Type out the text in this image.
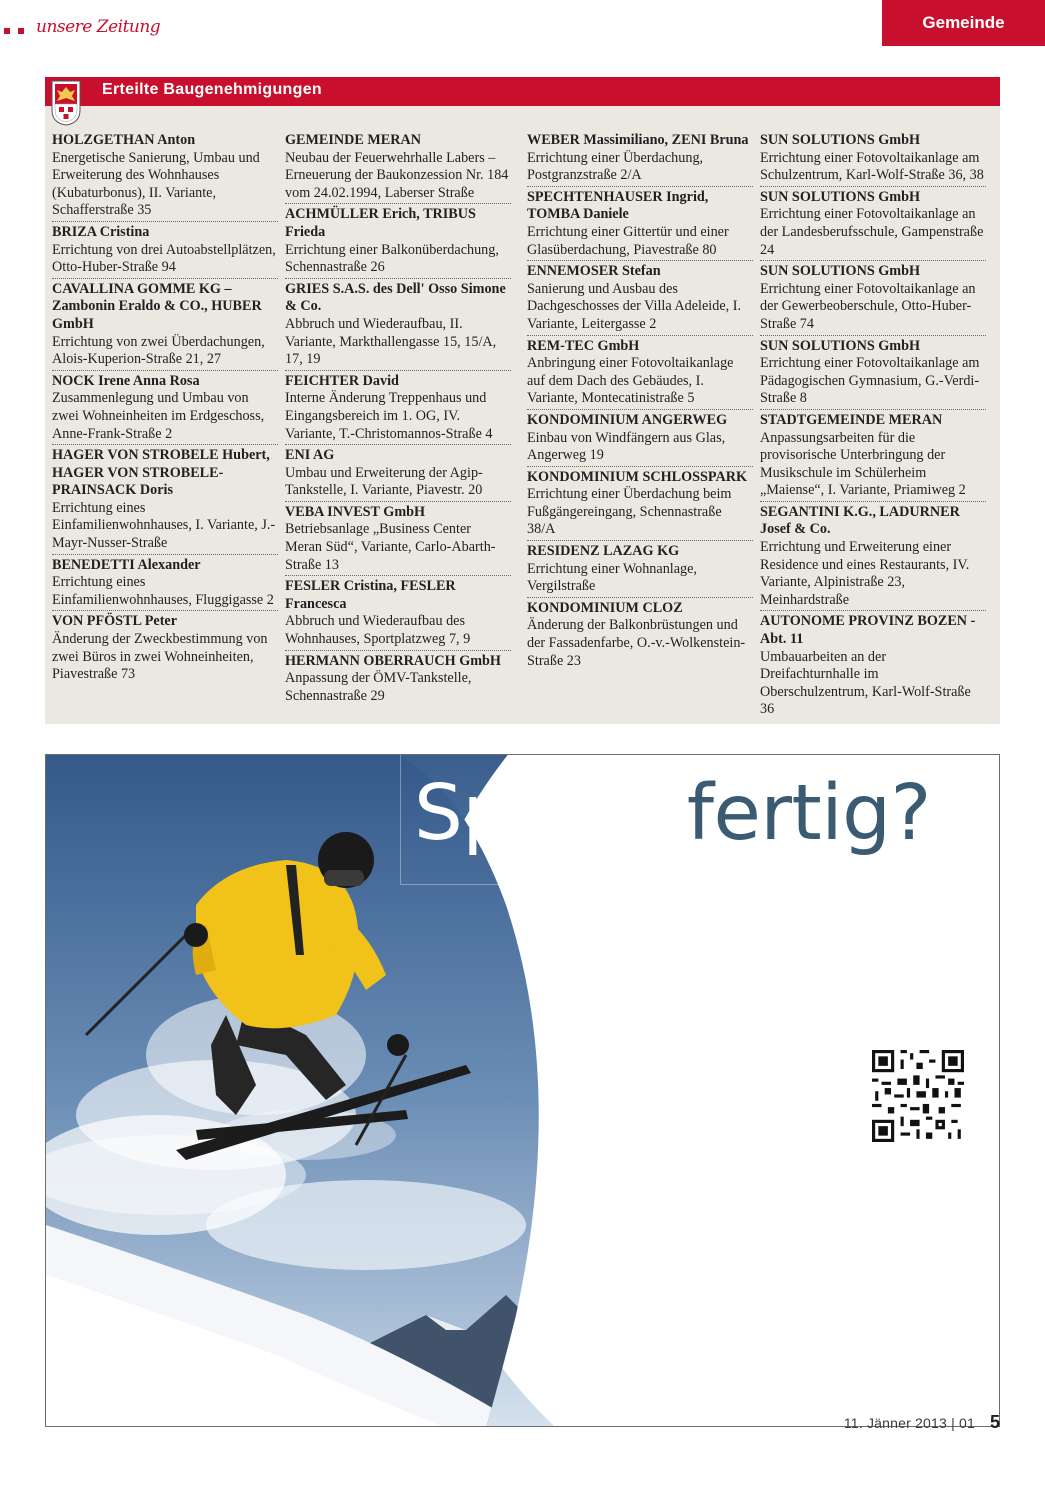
unsere Zeitung	Gemeinde
Erteilte Baugenehmigungen
HOLZGETHAN Anton
Energetische Sanierung, Umbau und Erweiterung des Wohnhauses (Kubaturbonus), II. Variante, Schafferstraße 35
BRIZA Cristina
Errichtung von drei Autoabstellplätzen, Otto-Huber-Straße 94
CAVALLINA GOMME KG – Zambonin Eraldo & CO., HUBER GmbH
Errichtung von zwei Überdachungen, Alois-Kuperion-Straße 21, 27
NOCK Irene Anna Rosa
Zusammenlegung und Umbau von zwei Wohneinheiten im Erdgeschoss, Anne-Frank-Straße 2
HAGER VON STROBELE Hubert, HAGER VON STROBELE-PRAINSACK Doris
Errichtung eines Einfamilienwohnhauses, I. Variante, J.-Mayr-Nusser-Straße
BENEDETTI Alexander
Errichtung eines Einfamilienwohnhauses, Fluggigasse 2
VON PFÖSTL Peter
Änderung der Zweckbestimmung von zwei Büros in zwei Wohneinheiten, Piavestraße 73
GEMEINDE MERAN
Neubau der Feuerwehrhalle Labers – Erneuerung der Baukonzession Nr. 184 vom 24.02.1994, Laberser Straße
ACHMÜLLER Erich, TRIBUS Frieda
Errichtung einer Balkonüberdachung, Schennastraße 26
GRIES S.A.S. des Dell' Osso Simone & Co.
Abbruch und Wiederaufbau, II. Variante, Markthallengasse 15, 15/A, 17, 19
FEICHTER David
Interne Änderung Treppenhaus und Eingangsbereich im 1. OG, IV. Variante, T.-Christomannos-Straße 4
ENI AG
Umbau und Erweiterung der Agip-Tankstelle, I. Variante, Piavestr. 20
VEBA INVEST GmbH
Betriebsanlage „Business Center Meran Süd“, Variante, Carlo-Abarth-Straße 13
FESLER Cristina, FESLER Francesca
Abbruch und Wiederaufbau des Wohnhauses, Sportplatzweg 7, 9
HERMANN OBERRAUCH GmbH
Anpassung der ÖMV-Tankstelle, Schennastraße 29
WEBER Massimiliano, ZENI Bruna
Errichtung einer Überdachung, Postgranzstraße 2/A
SPECHTENHAUSER Ingrid, TOMBA Daniele
Errichtung einer Gittertür und einer Glasüberdachung, Piavestraße 80
ENNEMOSER Stefan
Sanierung und Ausbau des Dachgeschosses der Villa Adeleide, I. Variante, Leitergasse 2
REM-TEC GmbH
Anbringung einer Fotovoltaikanlage auf dem Dach des Gebäudes, I. Variante, Montecatinistraße 5
KONDOMINIUM ANGERWEG
Einbau von Windfängern aus Glas, Angerweg 19
KONDOMINIUM SCHLOSSPARK
Errichtung einer Überdachung beim Fußgängereingang, Schennastraße 38/A
RESIDENZ LAZAG KG
Errichtung einer Wohnanlage, Vergilstraße
KONDOMINIUM CLOZ
Änderung der Balkonbrüstungen und der Fassadenfarbe, O.-v.-Wolkenstein-Straße 23
SUN SOLUTIONS GmbH
Errichtung einer Fotovoltaikanlage am Schulzentrum, Karl-Wolf-Straße 36, 38
SUN SOLUTIONS GmbH
Errichtung einer Fotovoltaikanlage an der Landesberufsschule, Gampenstraße 24
SUN SOLUTIONS GmbH
Errichtung einer Fotovoltaikanlage an der Gewerbeoberschule, Otto-Huber-Straße 74
SUN SOLUTIONS GmbH
Errichtung einer Fotovoltaikanlage am Pädagogischen Gymnasium, G.-Verdi-Straße 8
STADTGEMEINDE MERAN
Anpassungsarbeiten für die provisorische Unterbringung der Musikschule im Schülerheim „Maiense“, I. Variante, Priamiweg 2
SEGANTINI K.G., LADURNER Josef & Co.
Errichtung und Erweiterung einer Residence und eines Restaurants, IV. Variante, Alpinistraße 23, Meinhardstraße
AUTONOME PROVINZ BOZEN - Abt. 11
Umbauarbeiten an der Dreifachturnhalle im Oberschulzentrum, Karl-Wolf-Straße 36
Sprungfertig?
11. Jänner 2013 | 01 5
